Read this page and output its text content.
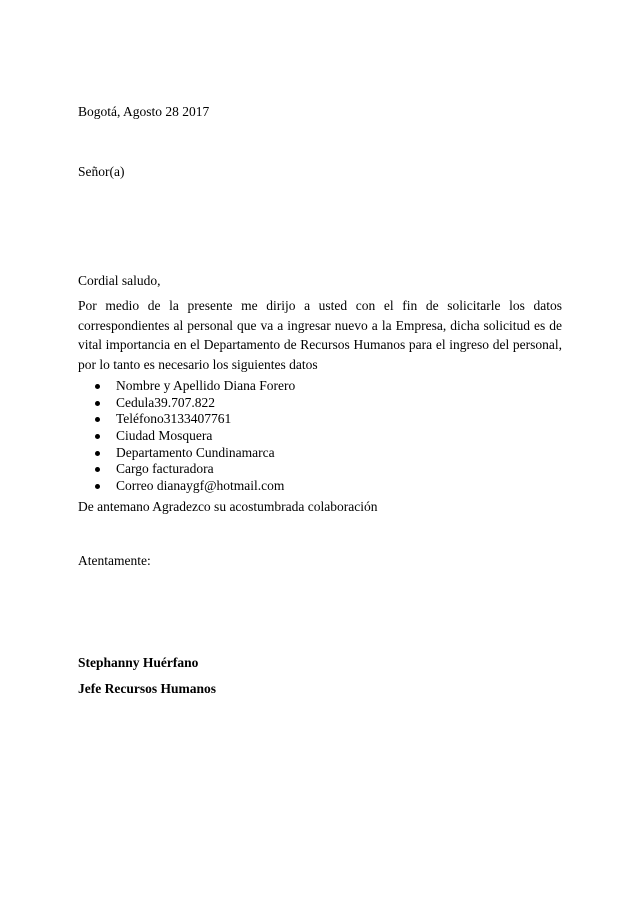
Bogotá, Agosto 28 2017
Señor(a)
Cordial saludo,
Por medio de la presente me dirijo a usted con el fin de solicitarle los datos correspondientes al personal que va a ingresar nuevo a la Empresa, dicha solicitud es de vital importancia en el Departamento de Recursos Humanos para el ingreso del personal, por lo tanto es necesario los siguientes datos
Nombre y Apellido Diana Forero
Cedula39.707.822
Teléfono3133407761
Ciudad Mosquera
Departamento Cundinamarca
Cargo facturadora
Correo dianaygf@hotmail.com
De antemano Agradezco su acostumbrada colaboración
Atentamente:
Stephanny Huérfano
Jefe Recursos Humanos
